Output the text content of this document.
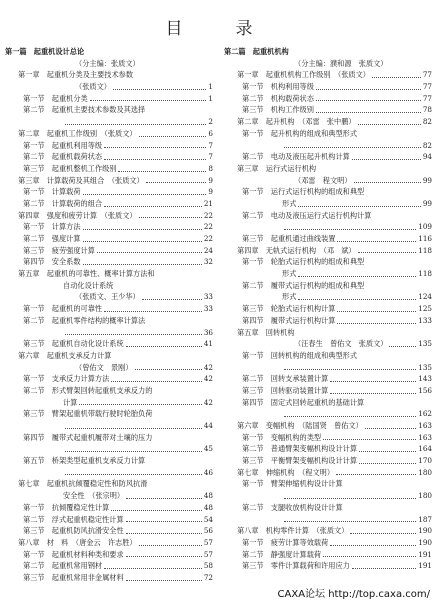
目　录
第一篇　起重机设计总论
（分主编：张质文）
第一章　起重机分类及主要技术参数
（张质文）	1
第一节　起重机分类	1
第二节　起重机主要技术参数及其选择
2
第二章　起重机工作级别　（张质文）	6
第一节　起重机利用等级	7
第二节　起重机载荷状态	7
第三节　起重机整机工作级别	8
第三章　计算载荷及其组合　（张质文）	9
第一节　计算载荷	9
第二节　计算载荷的组合	21
第四章　强度和疲劳计算　（张质文）	22
第一节　计算方法	22
第二节　强度计算	22
第三节　疲劳强度计算	24
第四节　安全系数	32
第五章　起重机的可靠性、概率计算方法和
自动化设计系统
（张质文、王少华）	33
第一节　起重机的可靠性	33
第二节　起重机零件结构的概率计算法
36
第三节　起重机自动化设计系统	41
第六章　起重机支承反力计算
（曾佑文　景刚）	42
第一节　支承反力计算方法	42
第二节　形式臂架回转起重机支承反力的
计算	42
第三节　臂架起重机带载行驶时轮胎负荷
44
第四节　履带式起重机履带对土壤的压力
45
第五节　桥架类型起重机支承反力计算
46
第七章　起重机抗倾覆稳定性和防风抗滑
安全性　（张宗明）	48
第一节　抗倾覆稳定性计算	48
第二节　浮式起重机稳定性计算	54
第三节　起重机防风抗滑安全性	56
第八章　材　料　（唐金云　许志胜）	57
第一节　起重机材料种类和要求	57
第二节　起重机常用钢材	58
第三节　起重机常用非金属材料	72
第二篇　起重机机构
（分主编：濮和源　张质文）
第一章　起重机机构工作级别　（张质文）	77
第一节　机构利用等级	77
第二节　机构载荷状态	77
第三节　机构工作级别	78
第二章　起升机构　（邓雷　张中鹏）	82
第一节　起升机构的组成和典型形式
82
第二节　电动及液压起升机构计算	94
第三章　运行式运行机构
（邓雷　程文明）	99
第一节　运行式运行机构的组成和典型
形式	99
第二节　电动及液压运行式运行机构计算
109
第三节　起重机通过曲线装置	116
第四章　无轨式运行机构　（邓　斌）	118
第一节　轮胎式运行机构的组成和典型
形式	118
第二节　履带式运行机构的组成和典型
形式	124
第三节　轮胎式运行机构计算	125
第四节　履带式运行机构计算	133
第五章　回转机构
（汪春生　曾佑文　张质文）	135
第一节　回转机构的组成和典型形式
135
第二节　回转支承装置计算	143
第三节　回转驱动装置计算	156
第四节　固定式回转起重机的基础计算
162
第六章　变幅机构　（陆国贤　曾佑文）	163
第一节　变幅机构的类型	163
第二节　普通臂架变幅机构设计计算	164
第三节　平衡臂架变幅机构设计计算	170
第七章　伸缩机构　（程文明）	180
第一节　臂架伸缩机构设计计算
180
第二节　支腿收放机构设计计算
187
第八章　机构零件计算　（张质文）	190
第一节　疲劳计算等效载荷	190
第二节　静强度计算载荷	191
第三节　零件计算载荷和许用应力	191
CAXA论坛 http://top.caxa.com/
